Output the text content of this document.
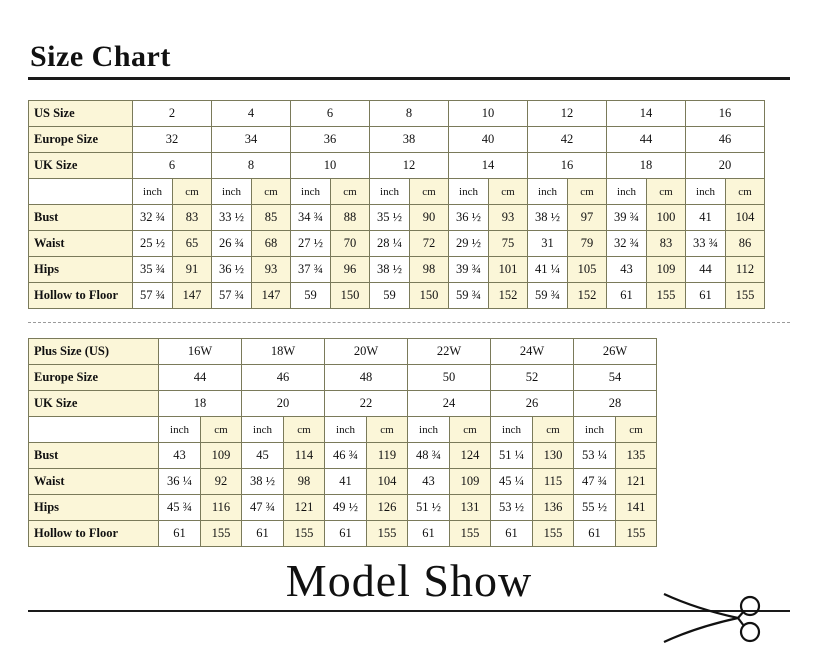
Size Chart
US Size	2		4		6		8		10		12		14		16	
Europe Size	32		34		36		38		40		42		44		46	
UK Size	6		8		10		12		14		16		18		20	
	inch	cm	inch	cm	inch	cm	inch	cm	inch	cm	inch	cm	inch	cm	inch	cm
Bust	32 ¾	83	33 ½	85	34 ¾	88	35 ½	90	36 ½	93	38 ½	97	39 ¾	100	41	104
Waist	25 ½	65	26 ¾	68	27 ½	70	28 ¼	72	29 ½	75	31	79	32 ¾	83	33 ¾	86
Hips	35 ¾	91	36 ½	93	37 ¾	96	38 ½	98	39 ¾	101	41 ¼	105	43	109	44	112
Hollow to Floor	57 ¾	147	57 ¾	147	59	150	59	150	59 ¾	152	59 ¾	152	61	155	61	155
Plus Size (US)	16W		18W		20W		22W		24W		26W	
Europe Size	44		46		48		50		52		54	
UK Size	18		20		22		24		26		28	
	inch	cm	inch	cm	inch	cm	inch	cm	inch	cm	inch	cm
Bust	43	109	45	114	46 ¾	119	48 ¾	124	51 ¼	130	53 ¼	135
Waist	36 ¼	92	38 ½	98	41	104	43	109	45 ¼	115	47 ¾	121
Hips	45 ¾	116	47 ¾	121	49 ½	126	51 ½	131	53 ½	136	55 ½	141
Hollow to Floor	61	155	61	155	61	155	61	155	61	155	61	155
Model Show
